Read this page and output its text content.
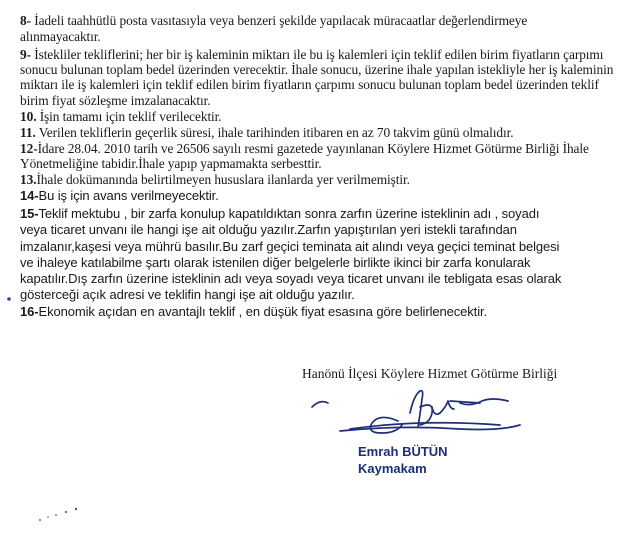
8- İadeli taahhütlü posta vasıtasıyla veya benzeri şekilde yapılacak müracaatlar değerlendirmeye
alınmayacaktır.
9- İstekliler tekliflerini; her bir iş kaleminin miktarı ile bu iş kalemleri için teklif edilen birim fiyatların çarpımı
sonucu bulunan toplam bedel üzerinden verecektir. İhale sonucu, üzerine ihale yapılan istekliyle her iş kaleminin
miktarı ile iş kalemleri için teklif edilen birim fiyatların çarpımı sonucu bulunan toplam bedel üzerinden teklif
birim fiyat sözleşme imzalanacaktır.
10. İşin tamamı için teklif verilecektir.
11. Verilen tekliflerin geçerlik süresi, ihale tarihinden itibaren en az 70 takvim günü olmalıdır.
12-İdare 28.04. 2010 tarih ve 26506 sayılı resmi gazetede yayınlanan Köylere Hizmet Götürme Birliği İhale
Yönetmeliğine tabidir.İhale yapıp yapmamakta serbesttir.
13.İhale dokümanında belirtilmeyen hususlara ilanlarda yer verilmemiştir.
14-Bu iş için avans verilmeyecektir.
15-Teklif mektubu , bir zarfa konulup kapatıldıktan sonra zarfın üzerine isteklinin adı , soyadı
veya ticaret unvanı ile hangi işe ait olduğu yazılır.Zarfın yapıştırılan yeri istekli tarafından
imzalanır,kaşesi veya mührü basılır.Bu zarf geçici teminata ait alındı veya geçici teminat belgesi
ve ihaleye katılabilme şartı olarak istenilen diğer belgelerle birlikte ikinci bir zarfa konularak
kapatılır.Dış zarfın üzerine isteklinin adı veya soyadı veya ticaret unvanı ile tebligata esas olarak
gösterceği açık adresi ve teklifin hangi işe ait olduğu yazılır.
16-Ekonomik açıdan en avantajlı teklif , en düşük fiyat esasına göre belirlenecektir.
Hanönü İlçesi Köylere Hizmet Götürme Birliği
Emrah BÜTÜN
Kaymakam
